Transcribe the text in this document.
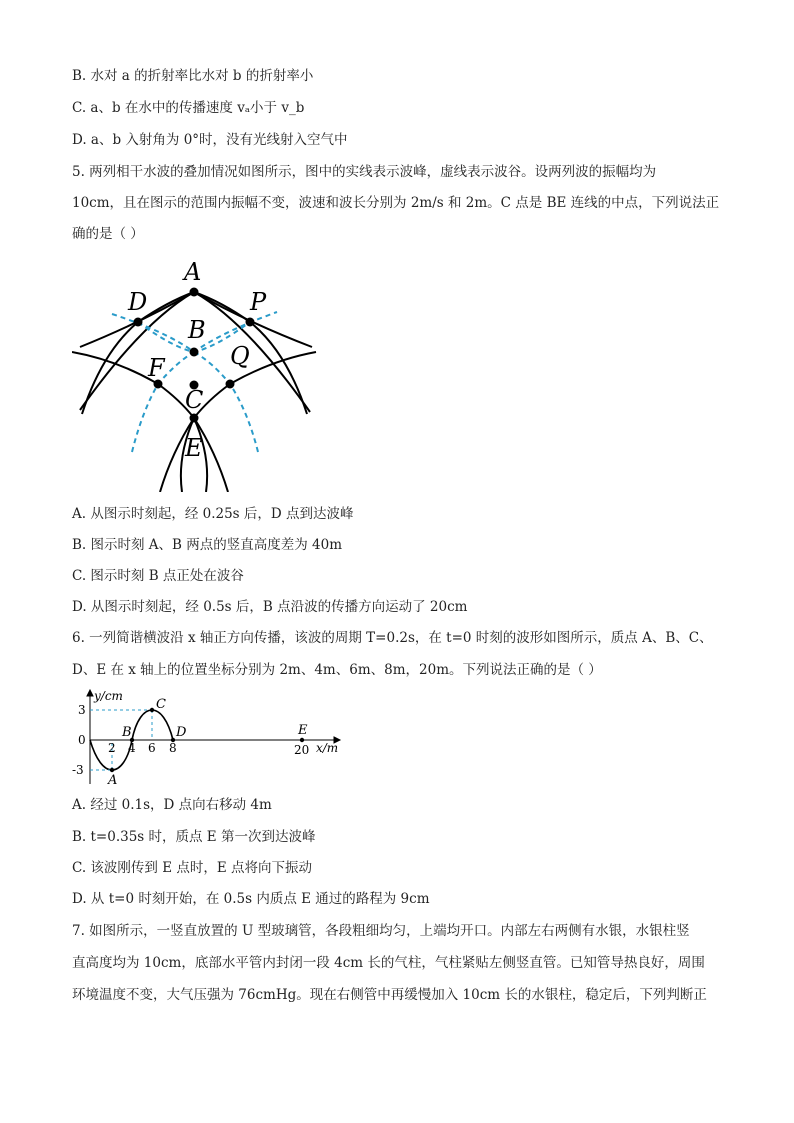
B. 水对 a 的折射率比水对 b 的折射率小
C. a、b 在水中的传播速度 vₐ小于 v_b
D. a、b 入射角为 0°时，没有光线射入空气中
5. 两列相干水波的叠加情况如图所示，图中的实线表示波峰，虚线表示波谷。设两列波的振幅均为
10cm，且在图示的范围内振幅不变，波速和波长分别为 2m/s 和 2m。C 点是 BE 连线的中点，下列说法正
确的是（ ）
A
D	P
B
F	Q
C
E
A. 从图示时刻起，经 0.25s 后，D 点到达波峰
B. 图示时刻 A、B 两点的竖直高度差为 40m
C. 图示时刻 B 点正处在波谷
D. 从图示时刻起，经 0.5s 后，B 点沿波的传播方向运动了 20cm
6. 一列简谐横波沿 x 轴正方向传播，该波的周期 T=0.2s，在 t=0 时刻的波形如图所示，质点 A、B、C、
D、E 在 x 轴上的位置坐标分别为 2m、4m、6m、8m，20m。下列说法正确的是（ ）
y/cm
x/m
3
0
-3
2 4 6 8	20
A
B
C
D	E
A. 经过 0.1s，D 点向右移动 4m
B. t=0.35s 时，质点 E 第一次到达波峰
C. 该波刚传到 E 点时，E 点将向下振动
D. 从 t=0 时刻开始，在 0.5s 内质点 E 通过的路程为 9cm
7. 如图所示，一竖直放置的 U 型玻璃管，各段粗细均匀，上端均开口。内部左右两侧有水银，水银柱竖
直高度均为 10cm，底部水平管内封闭一段 4cm 长的气柱，气柱紧贴左侧竖直管。已知管导热良好，周围
环境温度不变，大气压强为 76cmHg。现在右侧管中再缓慢加入 10cm 长的水银柱，稳定后，下列判断正
